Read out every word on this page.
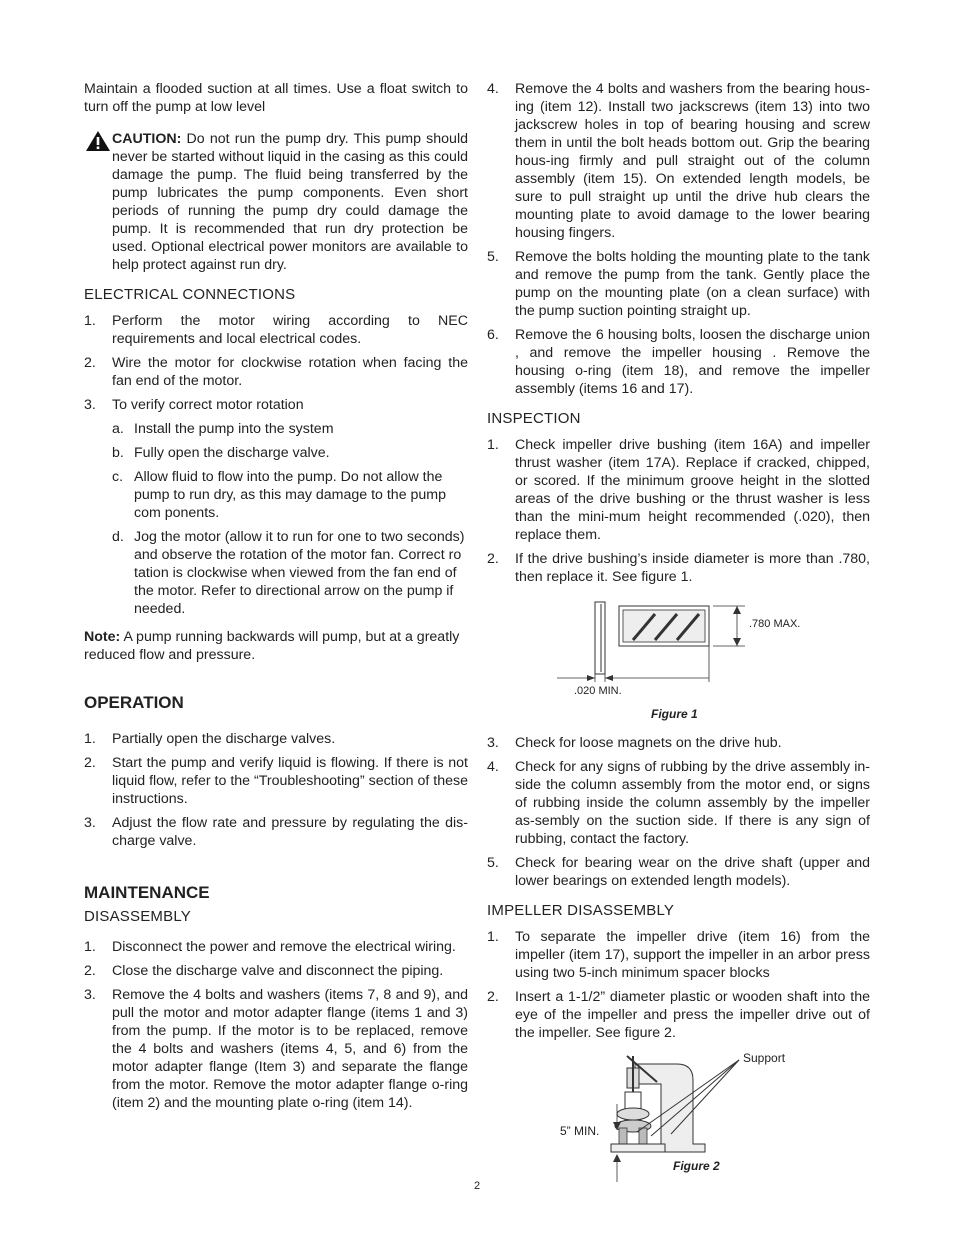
Maintain a flooded suction at all times. Use a float switch to turn off the pump at low level

CAUTION: Do not run the pump dry. This pump should never be started without liquid in the casing as this could damage the pump. The fluid being transferred by the pump lubricates the pump components. Even short periods of running the pump dry could damage the pump. It is recommended that run dry protection be used. Optional electrical power monitors are available to help protect against run dry.
ELECTRICAL CONNECTIONS
1. Perform the motor wiring according to NEC requirements and local electrical codes.
2. Wire the motor for clockwise rotation when facing the fan end of the motor.
3. To verify correct motor rotation
a. Install the pump into the system
b. Fully open the discharge valve.
c. Allow fluid to flow into the pump. Do not allow the pump to run dry, as this may damage to the pump com ponents.
d. Jog the motor (allow it to run for one to two seconds) and observe the rotation of the motor fan. Correct ro tation is clockwise when viewed from the fan end of the motor. Refer to directional arrow on the pump if needed.

Note: A pump running backwards will pump, but at a greatly reduced flow and pressure.

OPERATION
1. Partially open the discharge valves.
2. Start the pump and verify liquid is flowing. If there is not liquid flow, refer to the “Troubleshooting” section of these instructions.
3. Adjust the flow rate and pressure by regulating the dis-charge valve.
MAINTENANCE
DISASSEMBLY
1. Disconnect the power and remove the electrical wiring.
2. Close the discharge valve and disconnect the piping.
3. Remove the 4 bolts and washers (items 7, 8 and 9), and pull the motor and motor adapter flange (items 1 and 3) from the pump. If the motor is to be replaced, remove the 4 bolts and washers (items 4, 5, and 6) from the motor adapter flange (Item 3) and separate the flange from the motor. Remove the motor adapter flange o-ring (item 2) and the mounting plate o-ring (item 14).
4. Remove the 4 bolts and washers from the bearing hous-ing (item 12). Install two jackscrews (item 13) into two jackscrew holes in top of bearing housing and screw them in until the bolt heads bottom out. Grip the bearing hous-ing firmly and pull straight out of the column assembly (item 15). On extended length models, be sure to pull straight up until the drive hub clears the mounting plate to avoid damage to the lower bearing housing fingers.
5. Remove the bolts holding the mounting plate to the tank and remove the pump from the tank. Gently place the pump on the mounting plate (on a clean surface) with the pump suction pointing straight up.
6. Remove the 6 housing bolts, loosen the discharge union , and remove the impeller housing . Remove the housing o-ring (item 18), and remove the impeller assembly (items 16 and 17).
INSPECTION
1. Check impeller drive bushing (item 16A) and impeller thrust washer (item 17A). Replace if cracked, chipped, or scored. If the minimum groove height in the slotted areas of the drive bushing or the thrust washer is less than the mini-mum height recommended (.020), then replace them.
2. If the drive bushing’s inside diameter is more than .780, then replace it. See figure 1.
.780 MAX.
.020 MIN.
Figure 1
3. Check for loose magnets on the drive hub.
4. Check for any signs of rubbing by the drive assembly in-side the column assembly from the motor end, or signs of rubbing inside the column assembly by the impeller as-sembly on the suction side. If there is any sign of rubbing, contact the factory.
5. Check for bearing wear on the drive shaft (upper and lower bearings on extended length models).
IMPELLER DISASSEMBLY
1. To separate the impeller drive (item 16) from the impeller (item 17), support the impeller in an arbor press using two 5-inch minimum spacer blocks
2. Insert a 1-1/2” diameter plastic or wooden shaft into the eye of the impeller and press the impeller drive out of the impeller. See figure 2.
Support
5” MIN.
Figure 2
2
